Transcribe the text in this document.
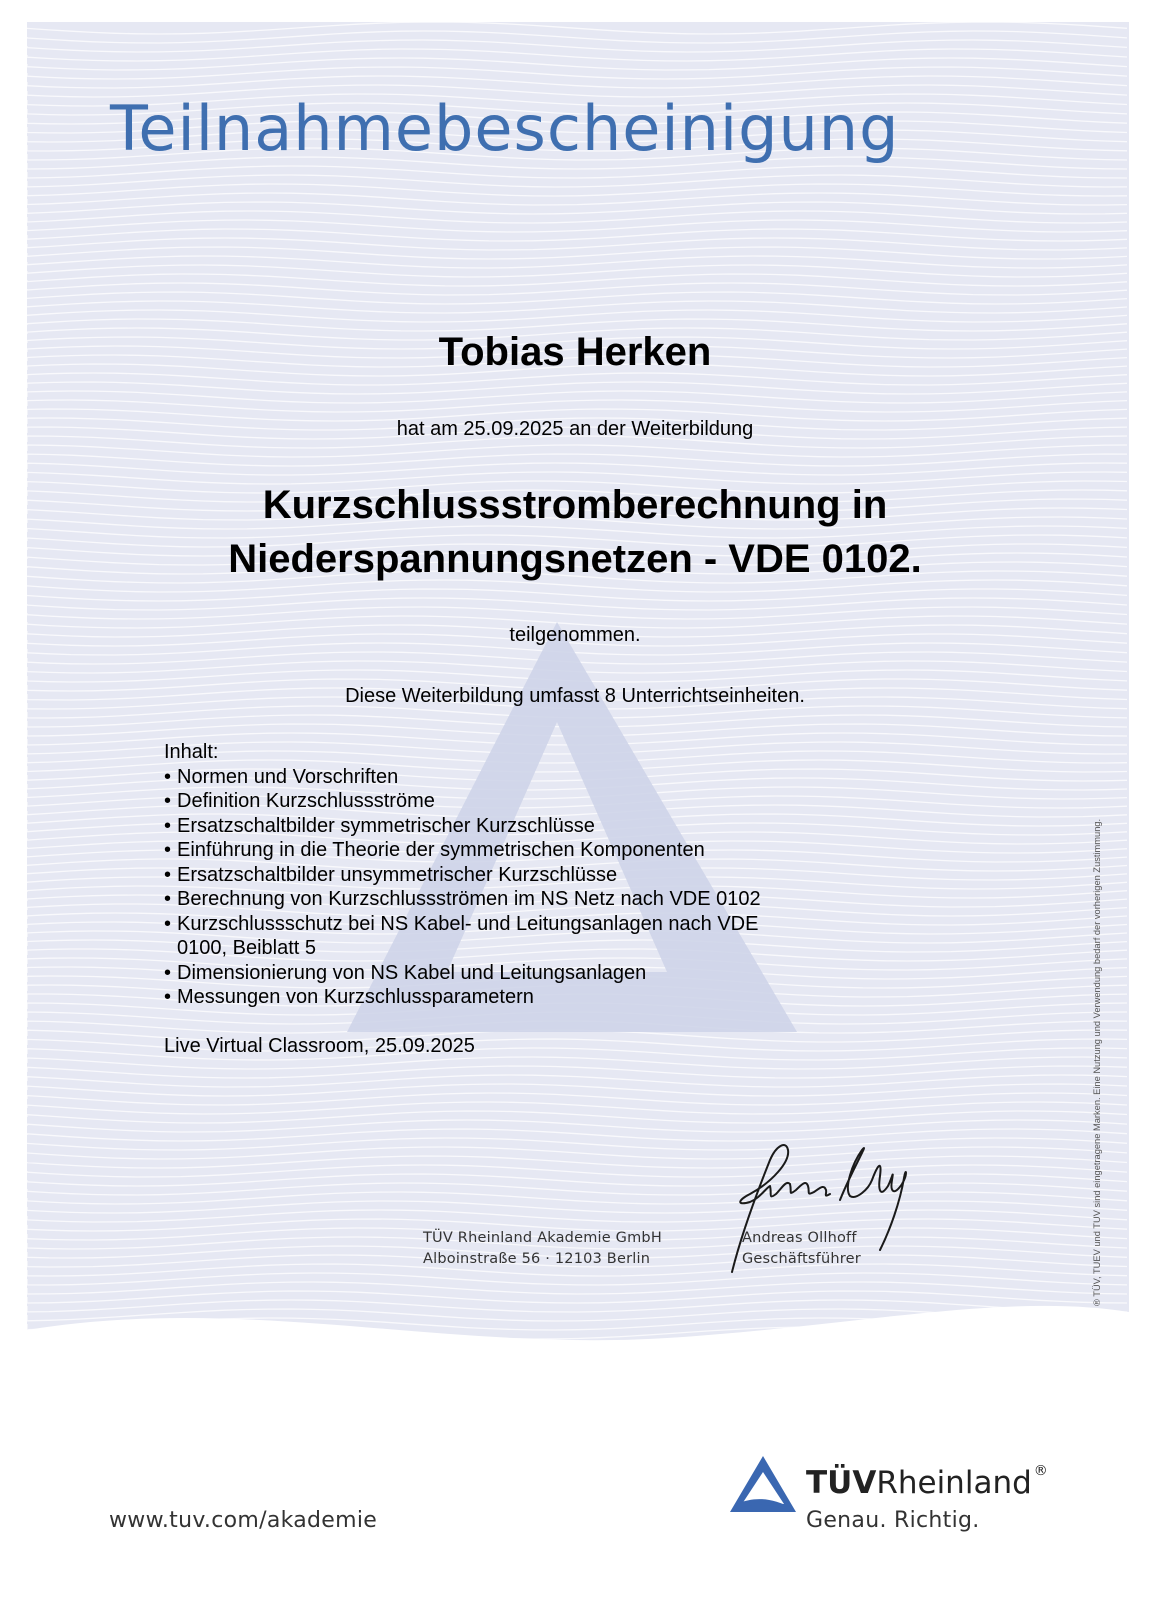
Teilnahmebescheinigung
Tobias Herken
hat am 25.09.2025 an der Weiterbildung
Kurzschlussstromberechnung in
Niederspannungsnetzen - VDE 0102.
teilgenommen.
Diese Weiterbildung umfasst 8 Unterrichtseinheiten.
Inhalt:
• Normen und Vorschriften
• Definition Kurzschlussströme
• Ersatzschaltbilder symmetrischer Kurzschlüsse
• Einführung in die Theorie der symmetrischen Komponenten
• Ersatzschaltbilder unsymmetrischer Kurzschlüsse
• Berechnung von Kurzschlussströmen im NS Netz nach VDE 0102
• Kurzschlussschutz bei NS Kabel- und Leitungsanlagen nach VDE 0100, Beiblatt 5
• Dimensionierung von NS Kabel und Leitungsanlagen
• Messungen von Kurzschlussparametern
Live Virtual Classroom, 25.09.2025
TÜV Rheinland Akademie GmbH
Alboinstraße 56 · 12103 Berlin
Andreas Ollhoff
Geschäftsführer	® TÜV, TUEV und TUV sind eingetragene Marken. Eine Nutzung und Verwendung bedarf der vorherigen Zustimmung.
www.tuv.com/akademie
TÜVRheinland ®
Genau. Richtig.
